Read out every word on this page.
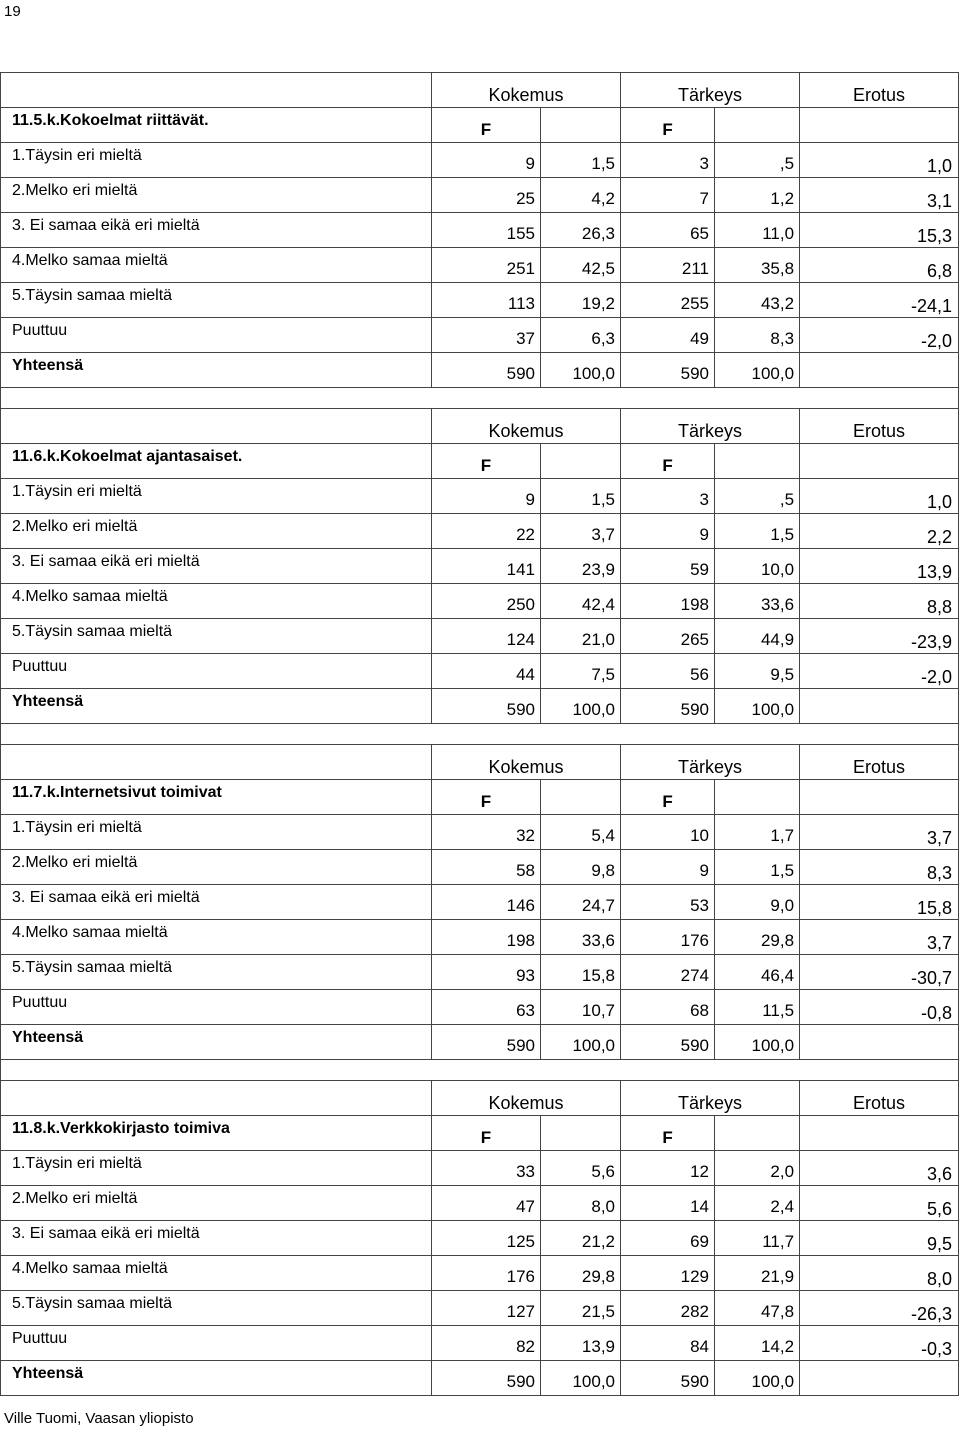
19
	Kokemus		Tärkeys		Erotus
11.5.k.Kokoelmat riittävät.	F		F		
1.Täysin eri mieltä	9	1,5	3	,5	1,0
2.Melko eri mieltä	25	4,2	7	1,2	3,1
3. Ei samaa eikä eri mieltä	155	26,3	65	11,0	15,3
4.Melko samaa mieltä	251	42,5	211	35,8	6,8
5.Täysin samaa mieltä	113	19,2	255	43,2	-24,1
Puuttuu	37	6,3	49	8,3	-2,0
Yhteensä	590	100,0	590	100,0	

	Kokemus		Tärkeys		Erotus
11.6.k.Kokoelmat ajantasaiset.	F		F		
1.Täysin eri mieltä	9	1,5	3	,5	1,0
2.Melko eri mieltä	22	3,7	9	1,5	2,2
3. Ei samaa eikä eri mieltä	141	23,9	59	10,0	13,9
4.Melko samaa mieltä	250	42,4	198	33,6	8,8
5.Täysin samaa mieltä	124	21,0	265	44,9	-23,9
Puuttuu	44	7,5	56	9,5	-2,0
Yhteensä	590	100,0	590	100,0	

	Kokemus		Tärkeys		Erotus
11.7.k.Internetsivut toimivat	F		F		
1.Täysin eri mieltä	32	5,4	10	1,7	3,7
2.Melko eri mieltä	58	9,8	9	1,5	8,3
3. Ei samaa eikä eri mieltä	146	24,7	53	9,0	15,8
4.Melko samaa mieltä	198	33,6	176	29,8	3,7
5.Täysin samaa mieltä	93	15,8	274	46,4	-30,7
Puuttuu	63	10,7	68	11,5	-0,8
Yhteensä	590	100,0	590	100,0	

	Kokemus		Tärkeys		Erotus
11.8.k.Verkkokirjasto toimiva	F		F		
1.Täysin eri mieltä	33	5,6	12	2,0	3,6
2.Melko eri mieltä	47	8,0	14	2,4	5,6
3. Ei samaa eikä eri mieltä	125	21,2	69	11,7	9,5
4.Melko samaa mieltä	176	29,8	129	21,9	8,0
5.Täysin samaa mieltä	127	21,5	282	47,8	-26,3
Puuttuu	82	13,9	84	14,2	-0,3
Yhteensä	590	100,0	590	100,0	
Ville Tuomi, Vaasan yliopisto
